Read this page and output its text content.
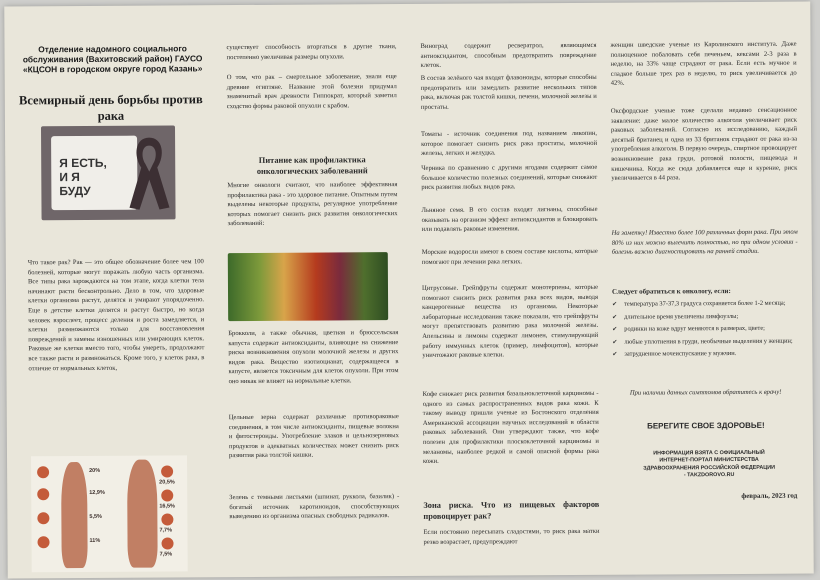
Отделение надомного социального обслуживания (Вахитовский район) ГАУСО «КЦСОН в городском округе город Казань»
Всемирный день борьбы против рака
Я ЕСТЬ,
И Я
БУДУ

Что такое рак? Рак — это общее обозначение более чем 100 болезней, которые могут поражать любую часть организма. Все типы рака зарождаются на том этапе, когда клетки тела начинают расти бесконтрольно. Дело в том, что здоровые клетки организма растут, делятся и умирают упорядоченно. Еще в детстве клетки делятся и растут быстро, но когда человек взрослеет, процесс деления и роста замедляется, и клетки размножаются только для восстановления повреждений и замены изношенных или умирающих клеток. Раковые же клетки вместо того, чтобы умереть, продолжают все также расти и размножаться. Кроме того, у клеток рака, в отличие от нормальных клеток,

20%
12,9%
5,5%
11%
20,5%
16,5%
7,7%
7,5%

существует способность вторгаться в другие ткани, постепенно увеличивая размеры опухоли.

О том, что рак – смертельное заболевание, знали еще древние египтяне. Название этой болезни придумал знаменитый врач древности Гиппократ, который заметил сходство формы раковой опухоли с крабом.

Питание как профилактика онкологических заболеваний

Многие онкологи считают, что наиболее эффективная профилактика рака - это здоровое питание. Опытным путем выделены некоторые продукты, регулярное употребление которых помогает снизить риск развития онкологических заболеваний:

Брокколи, а также обычная, цветная и брюссельская капуста содержат антиоксиданты, влияющие на снижение риска возникновения опухоли молочной железы и других видов рака. Вещество изотиоцианат, содержащееся в капусте, является токсичным для клеток опухоли. При этом оно никак не влияет на нормальные клетки.

Цельные зерна содержат различные противораковые соединения, в том числе антиоксиданты, пищевые волокна и фитостероиды. Употребление злаков и цельнозерновых продуктов в адекватных количествах может снизить риск развития рака толстой кишки.

Зелень с темными листьями (шпинат, руккола, базилик) - богатый источник каротиноидов, способствующих выведению из организма опасных свободных радикалов.

Виноград содержит ресвератрол, являющимся антиоксидантом, способным предотвратить повреждение клеток.

В состав зелёного чая входят флавоноиды, которые способны предотвратить или замедлить развитие нескольких типов рака, включая рак толстой кишки, печени, молочной железы и простаты.

Томаты - источник соединения под названием ликопин, которое помогает снизить риск рака простаты, молочной железы, легких и желудка.

Черника по сравнению с другими ягодами содержит самое большое количество полезных соединений, которые снижают риск развития любых видов рака.

Льняное семя. В его состав входят лигнаны, способные оказывать на организм эффект антиоксидантов и блокировать или подавлять раковые изменения.

Морские водоросли имеют в своем составе кислоты, которые помогают при лечении рака легких.

Цитрусовые. Грейпфруты содержат монотерпены, которые помогают снизить риск развития рака всех видов, выводя канцерогенные вещества из организма. Некоторые лабораторные исследования также показали, что грейпфруты могут препятствовать развитию рака молочной железы. Апельсины и лимоны содержат лимонен, стимулирующий работу иммунных клеток (пример, лимфоцитов), которые уничтожают раковые клетки.

Кофе снижает риск развития базальноклеточной карциномы - одного из самых распространенных видов рака кожи. К такому выводу пришли ученые из Бостонского отделения Американской ассоциации научных исследований в области раковых заболеваний. Они утверждают также, что кофе полезен для профилактики плоскоклеточной карциномы и меланомы, наиболее редкой и самой опасной формы рака кожи.

Зона риска. Что из пищевых факторов провоцирует рак?

Если постоянно пересыпать сладостями, то риск рака матки резко возрастает, предупреждают

женщин шведские ученые из Каролинского института. Даже полноценное побаловать себя печеньем, кексами 2-3 раза в неделю, на 33% чаще страдают от рака. Если есть мучное и сладкое больше трех раз в неделю, то риск увеличивается до 42%.

Оксфордские ученые тоже сделали недавно сенсационное заявление: даже малое количество алкоголя увеличивает риск раковых заболеваний. Согласно их исследованию, каждый десятый британец и одна из 33 британок страдают от рака из-за употребления алкоголя. В первую очередь, спиртное провоцирует возникновение рака груди, ротовой полости, пищевода и кишечника. Когда же сюда добавляется еще и курение, риск увеличивается в 44 раза.

На заметку! Известно более 100 различных форм рака. При этом 80% из них можно вылечить полностью, но при одном условии - болезнь важно диагностировать на ранней стадии.

Следует обратиться к онкологу, если:
✔ температура 37-37,3 градуса сохраняется более 1-2 месяца;
✔ длительное время увеличены лимфоузлы;
✔ родинки на коже вдруг меняются в размерах, цвете;
✔ любые уплотнения в груди, необычные выделения у женщин;
✔ затрудненное мочеиспускание у мужчин.

При наличии данных симптомов обратитесь к врачу!

БЕРЕГИТЕ СВОЕ ЗДОРОВЬЕ!

ИНФОРМАЦИЯ ВЗЯТА С ОФИЦИАЛЬНЫЙ ИНТЕРНЕТ-ПОРТАЛ МИНИСТЕРСТВА ЗДРАВООХРАНЕНИЯ РОССИЙСКОЙ ФЕДЕРАЦИИ - TAKZDOROVO.RU

февраль, 2023 год
